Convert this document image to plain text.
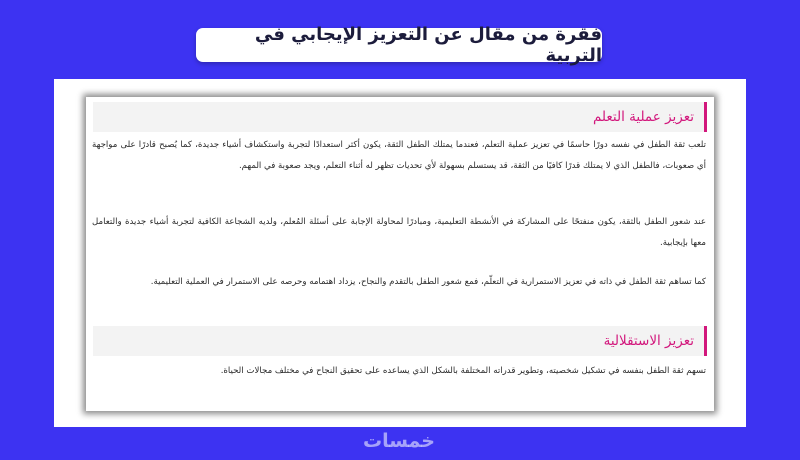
فقرة من مقال عن التعزيز الإيجابي في التربية
تعزيز عملية التعلم

تلعب ثقة الطفل في نفسه دورًا حاسمًا في تعزيز عملية التعلم، فعندما يمتلك الطفل الثقة، يكون أكثر استعدادًا لتجربة واستكشاف أشياء جديدة، كما يُصبح قادرًا على مواجهة أي صعوبات، فالطفل الذي لا يمتلك قدرًا كافيًا من الثقة، قد يستسلم بسهولة لأي تحديات تظهر له أثناء التعلم، ويجد صعوبة في المهم.

عند شعور الطفل بالثقة، يكون منفتحًا على المشاركة في الأنشطة التعليمية، ومبادرًا لمحاولة الإجابة على أسئلة المُعلم، ولديه الشجاعة الكافية لتجربة أشياء جديدة والتعامل معها بإيجابية.

كما تساهم ثقة الطفل في ذاته في تعزيز الاستمرارية في التعلّم، فمع شعور الطفل بالتقدم والنجاح، يزداد اهتمامه وحرصه على الاستمرار في العملية التعليمية.

تعزيز الاستقلالية

تسهم ثقة الطفل بنفسه في تشكيل شخصيته، وتطوير قدراته المختلفة بالشكل الذي يساعده على تحقيق النجاح في مختلف مجالات الحياة.

خمسات
